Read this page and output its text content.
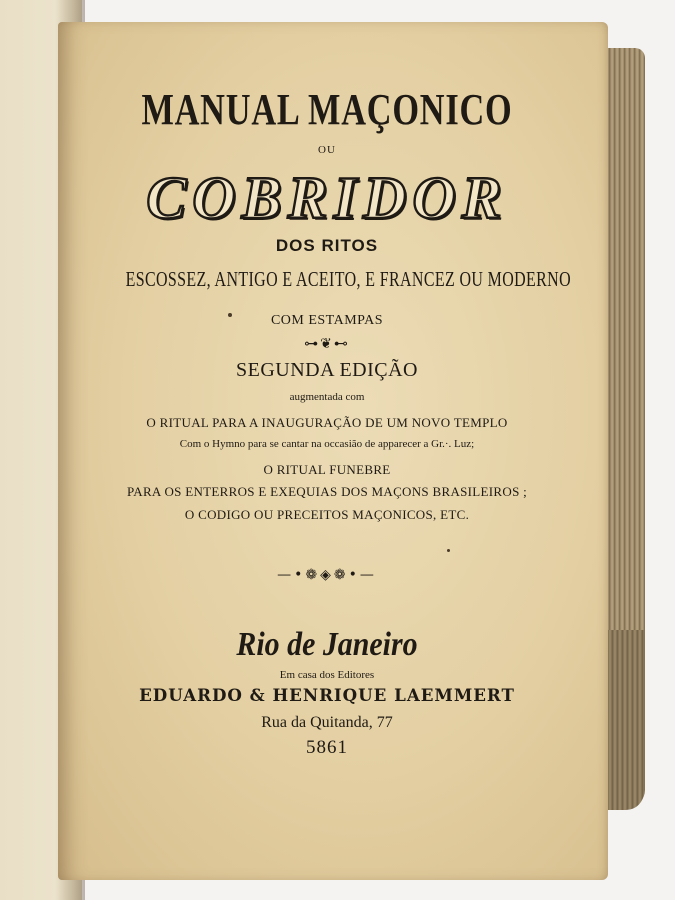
MANUAL MAÇONICO
OU
COBRIDOR
DOS RITOS
ESCOSSEZ, ANTIGO E ACEITO, E FRANCEZ OU MODERNO
COM ESTAMPAS
⊶❦⊷
SEGUNDA EDIÇÃO
augmentada com
O RITUAL PARA A INAUGURAÇÃO DE UM NOVO TEMPLO
Com o Hymno para se cantar na occasião de apparecer a Gr.·. Luz;
O RITUAL FUNEBRE
PARA OS ENTERROS E EXEQUIAS DOS MAÇONS BRASILEIROS ;
O CODIGO OU PRECEITOS MAÇONICOS, ETC.
—•❁◈❁•—
Rio de Janeiro
Em casa dos Editores
EDUARDO & HENRIQUE LAEMMERT
Rua da Quitanda, 77
5861
